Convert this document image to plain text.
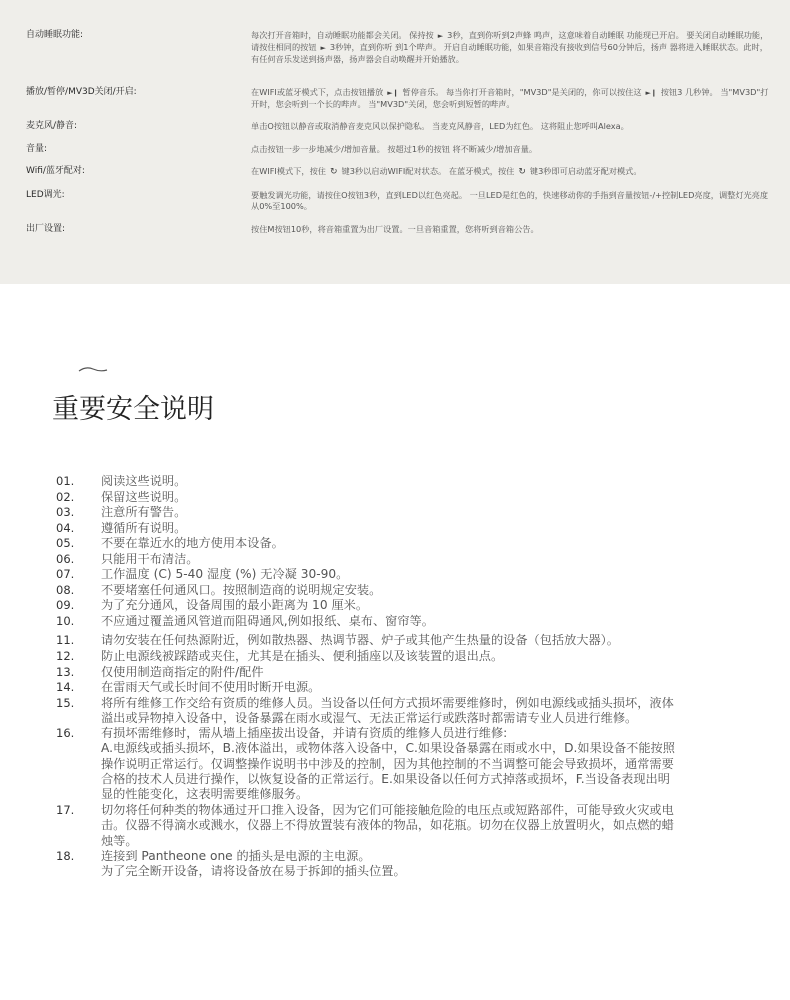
自动睡眠功能:	每次打开音箱时，自动睡眠功能都会关闭。 保持按 ► 3秒，直到你听到2声蜂 鸣声，这意味着自动睡眠 功能现已开启。 要关闭自动睡眠功能，请按住相同的按钮 ► 3秒钟，直到你听 到1个哔声。 开启自动睡眠功能，如果音箱没有接收到信号60分钟后，扬声 器将进入睡眠状态。此时，有任何音乐发送到扬声器，扬声器会自动唤醒并开始播放。
播放/暂停/MV3D关闭/开启:	在WIFI或蓝牙模式下，点击按钮播放 ►❙ 暂停音乐。 每当你打开音箱时，"MV3D"是关闭的，你可以按住这 ►❙ 按钮3 几秒钟。 当"MV3D"打开时，您会听到一个长的哔声。 当"MV3D"关闭，您会听到短暂的哔声。
麦克风/静音:	单击O按钮以静音或取消静音麦克风以保护隐私。 当麦克风静音，LED为红色。 这将阻止您呼叫Alexa。
音量:	点击按钮一步一步地减少/增加音量。 按超过1秒的按钮 将不断减少/增加音量。
Wifi/蓝牙配对:	在WIFI模式下，按住 ↻ 键3秒以启动WIFI配对状态。 在蓝牙模式，按住 ↻ 键3秒即可启动蓝牙配对模式。
LED调光:	要触发调光功能，请按住O按钮3秒，直到LED以红色亮起。 一旦LED是红色的，快速移动你的手指到音量按钮-/+控制LED亮度，调整灯光亮度从0%至100%。
出厂设置:	按住M按钮10秒，将音箱重置为出厂设置。一旦音箱重置，您将听到音箱公告。
重要安全说明
01.	阅读这些说明。
02.	保留这些说明。
03.	注意所有警告。
04.	遵循所有说明。
05.	不要在靠近水的地方使用本设备。
06.	只能用干布清洁。
07.	工作温度 (C) 5-40 湿度 (%) 无冷凝 30-90。
08.	不要堵塞任何通风口。按照制造商的说明规定安装。
09.	为了充分通风，设备周围的最小距离为 10 厘米。
10.	不应通过覆盖通风管道而阻碍通风,例如报纸、桌布、窗帘等。
11.	请勿安装在任何热源附近，例如散热器、热调节器、炉子或其他产生热量的设备（包括放大器）。
12.	防止电源线被踩踏或夹住，尤其是在插头、便利插座以及该装置的退出点。
13.	仅使用制造商指定的附件/配件
14.	在雷雨天气或长时间不使用时断开电源。
15.	将所有维修工作交给有资质的维修人员。当设备以任何方式损坏需要维修时，例如电源线或插头损坏，液体
溢出或异物掉入设备中，设备暴露在雨水或湿气、无法正常运行或跌落时都需请专业人员进行维修。
16.	有损坏需维修时，需从墙上插座拔出设备，并请有资质的维修人员进行维修:
A.电源线或插头损坏，B.液体溢出，或物体落入设备中，C.如果设备暴露在雨或水中，D.如果设备不能按照
操作说明正常运行。仅调整操作说明书中涉及的控制，因为其他控制的不当调整可能会导致损坏，通常需要
合格的技术人员进行操作，以恢复设备的正常运行。E.如果设备以任何方式掉落或损坏，F.当设备表现出明
显的性能变化，这表明需要维修服务。
17.	切勿将任何种类的物体通过开口推入设备，因为它们可能接触危险的电压点或短路部件，可能导致火灾或电
击。仪器不得滴水或溅水，仪器上不得放置装有液体的物品，如花瓶。切勿在仪器上放置明火，如点燃的蜡
烛等。
18.	连接到 Pantheone one 的插头是电源的主电源。
为了完全断开设备，请将设备放在易于拆卸的插头位置。
